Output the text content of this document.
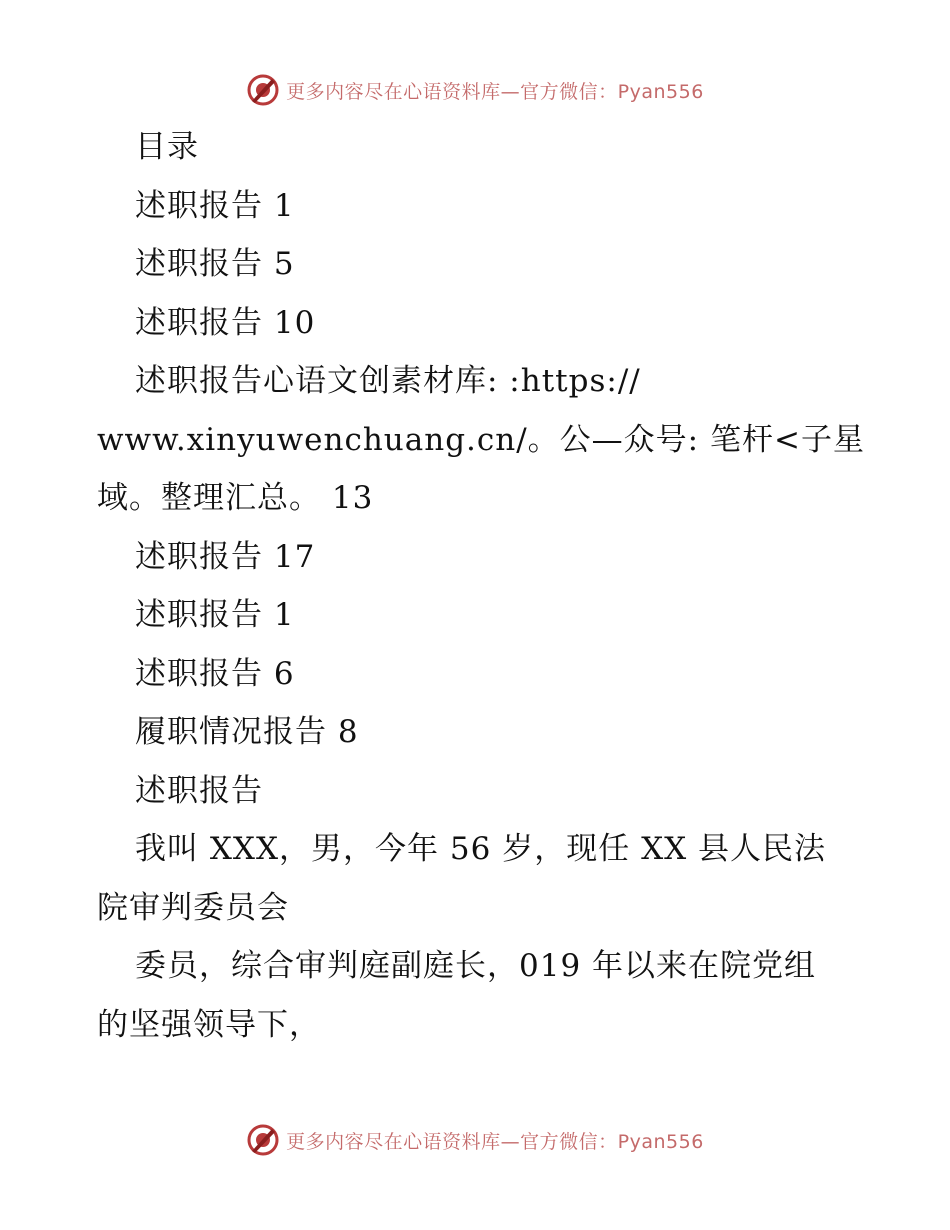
更多内容尽在心语资料库—官方微信：Pyan556
目录
述职报告 1
述职报告 5
述职报告 10
述职报告心语文创素材库: :https://
www.xinyuwenchuang.cn/。公—众号: 笔杆<子星
域。整理汇总。 13
述职报告 17
述职报告 1
述职报告 6
履职情况报告 8
述职报告
我叫 XXX，男，今年 56 岁，现任 XX 县人民法
院审判委员会
委员，综合审判庭副庭长，019 年以来在院党组
的坚强领导下，
更多内容尽在心语资料库—官方微信：Pyan556
